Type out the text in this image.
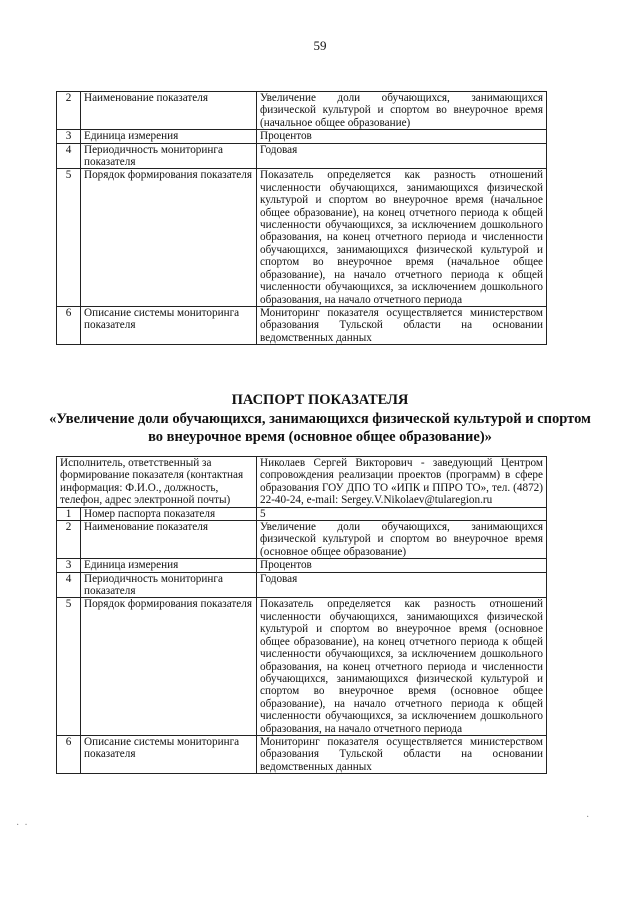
59
2	Наименование показателя	Увеличение доли обучающихся, занимающихся физической культурой и спортом во внеурочное время (начальное общее образование)
3	Единица измерения	Процентов
4	Периодичность мониторинга показателя	Годовая
5	Порядок формирования показателя	Показатель определяется как разность отношений численности обучающихся, занимающихся физической культурой и спортом во внеурочное время (начальное общее образование), на конец отчетного периода к общей численности обучающихся, за исключением дошкольного образования, на конец отчетного периода и численности обучающихся, занимающихся физической культурой и спортом во внеурочное время (начальное общее образование), на начало отчетного периода к общей численности обучающихся, за исключением дошкольного образования, на начало отчетного периода
6	Описание системы мониторинга показателя	Мониторинг показателя осуществляется министерством образования Тульской области на основании ведомственных данных
ПАСПОРТ ПОКАЗАТЕЛЯ
«Увеличение доли обучающихся, занимающихся физической культурой и спортом во внеурочное время (основное общее образование)»
Исполнитель, ответственный за формирование показателя (контактная информация: Ф.И.О., должность, телефон, адрес электронной почты)		Николаев Сергей Викторович - заведующий Центром сопровождения реализации проектов (программ) в сфере образования ГОУ ДПО ТО «ИПК и ППРО ТО», тел. (4872) 22-40-24, e-mail: Sergey.V.Nikolaev@tularegion.ru
1	Номер паспорта показателя	5
2	Наименование показателя	Увеличение доли обучающихся, занимающихся физической культурой и спортом во внеурочное время (основное общее образование)
3	Единица измерения	Процентов
4	Периодичность мониторинга показателя	Годовая
5	Порядок формирования показателя	Показатель определяется как разность отношений численности обучающихся, занимающихся физической культурой и спортом во внеурочное время (основное общее образование), на конец отчетного периода к общей численности обучающихся, за исключением дошкольного образования, на конец отчетного периода и численности обучающихся, занимающихся физической культурой и спортом во внеурочное время (основное общее образование), на начало отчетного периода к общей численности обучающихся, за исключением дошкольного образования, на начало отчетного периода
6	Описание системы мониторинга показателя	Мониторинг показателя осуществляется министерством образования Тульской области на основании ведомственных данных
·  ·
·
